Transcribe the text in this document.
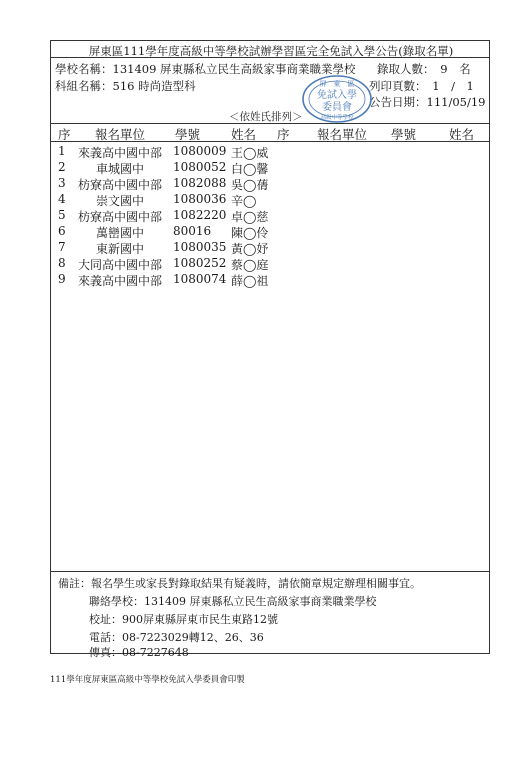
屏東區111學年度高級中等學校試辦學習區完全免試入學公告(錄取名單)
學校名稱：131409 屏東縣私立民生高級家事商業職業學校 錄取人數：　9　名
科組名稱：516 時尚造型科	列印頁數：　1　/　1
公告日期：111/05/19
＜依姓氏排列＞
屏　東　區
免試入學
委員會
高級中等學校
序 報名單位 學號 姓名 序 報名單位 學號	姓名
1	來義高中國中部 1080009 王◯威
2	車城國中	1080052 白◯馨
3	枋寮高中國中部 1082088 吳◯蒨
4	崇文國中	1080036 辛◯
5	枋寮高中國中部 1082220 卓◯慈
6	萬巒國中	80016 陳◯伶
7	東新國中	1080035 黃◯妤
8	大同高中國中部 1080252 蔡◯庭
9	來義高中國中部 1080074 薛◯祖
備註：報名學生或家長對錄取結果有疑義時，請依簡章規定辦理相關事宜。
聯絡學校：131409 屏東縣私立民生高級家事商業職業學校
校址：900屏東縣屏東市民生東路12號
電話：08-7223029轉12、26、36
傳真：08-7227648
111學年度屏東區高級中等學校免試入學委員會印製
